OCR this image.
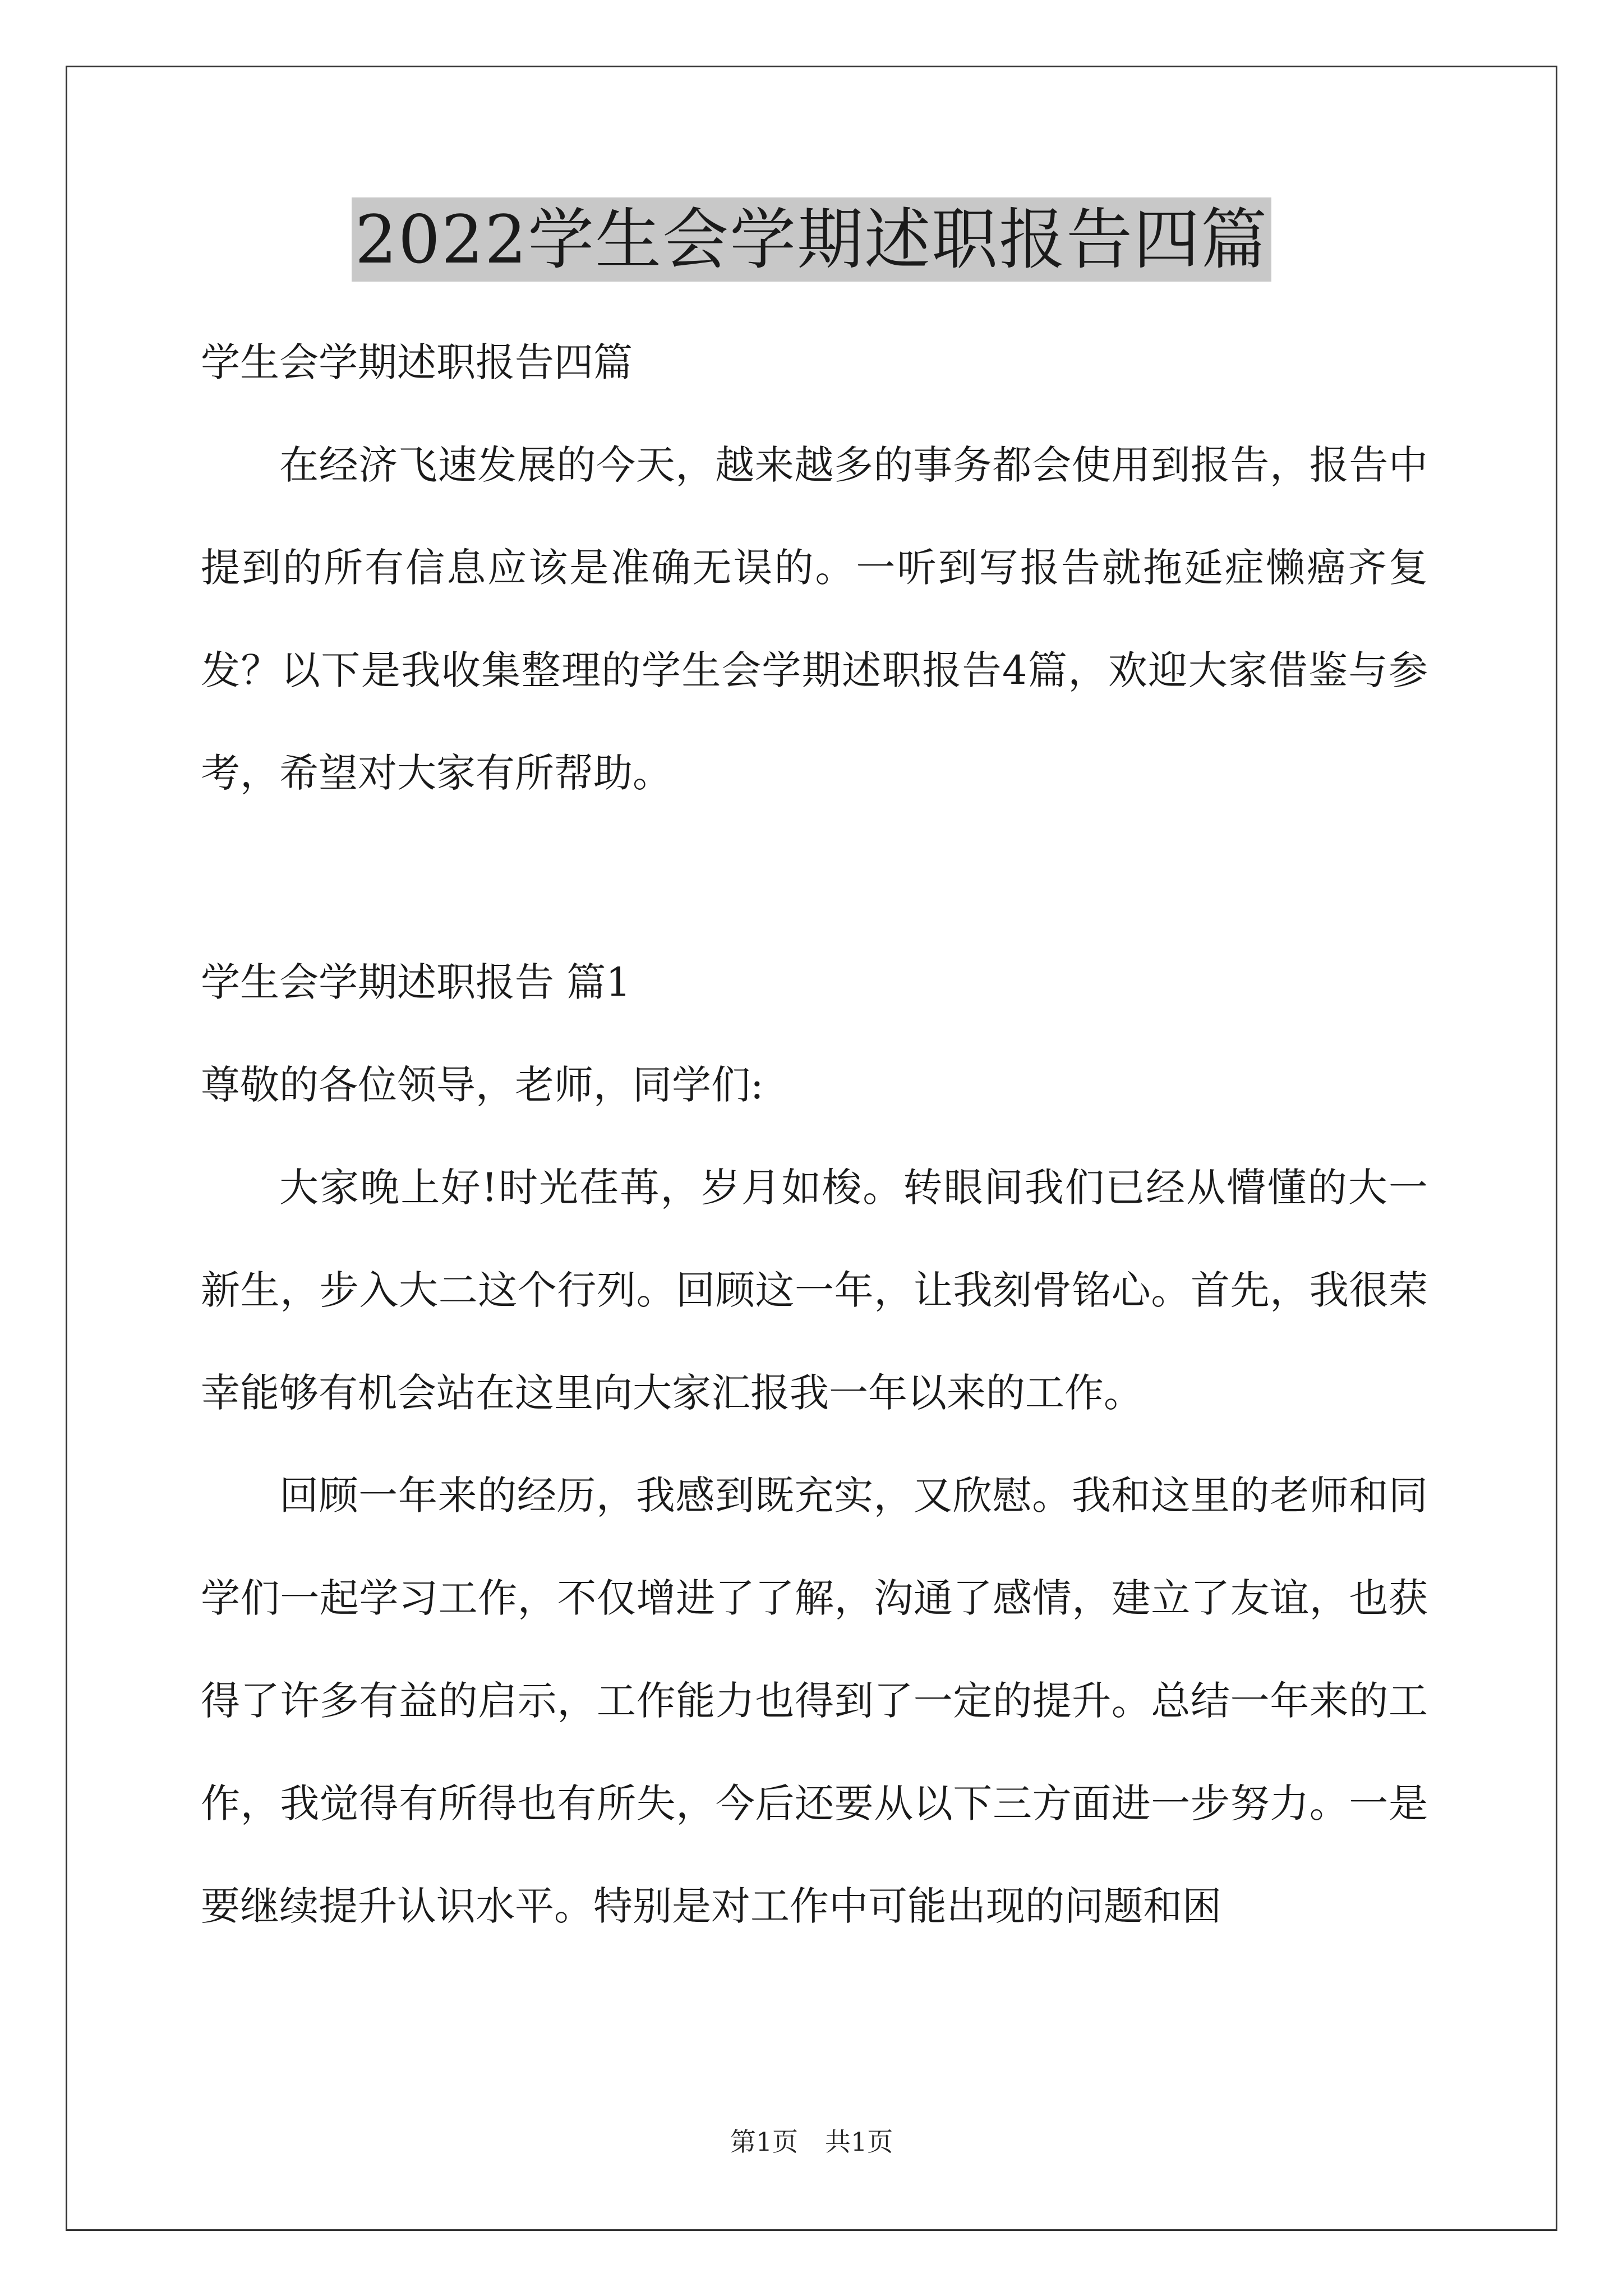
2022学生会学期述职报告四篇
学生会学期述职报告四篇

在经济飞速发展的今天，越来越多的事务都会使用到报告，报告中提到的所有信息应该是准确无误的。一听到写报告就拖延症懒癌齐复发？以下是我收集整理的学生会学期述职报告4篇，欢迎大家借鉴与参考，希望对大家有所帮助。

学生会学期述职报告 篇1
尊敬的各位领导，老师，同学们:

大家晚上好!时光荏苒，岁月如梭。转眼间我们已经从懵懂的大一新生，步入大二这个行列。回顾这一年，让我刻骨铭心。首先，我很荣幸能够有机会站在这里向大家汇报我一年以来的工作。

回顾一年来的经历，我感到既充实，又欣慰。我和这里的老师和同学们一起学习工作，不仅增进了了解，沟通了感情，建立了友谊，也获得了许多有益的启示，工作能力也得到了一定的提升。总结一年来的工作，我觉得有所得也有所失，今后还要从以下三方面进一步努力。一是要继续提升认识水平。特别是对工作中可能出现的问题和困

第1页 共1页
